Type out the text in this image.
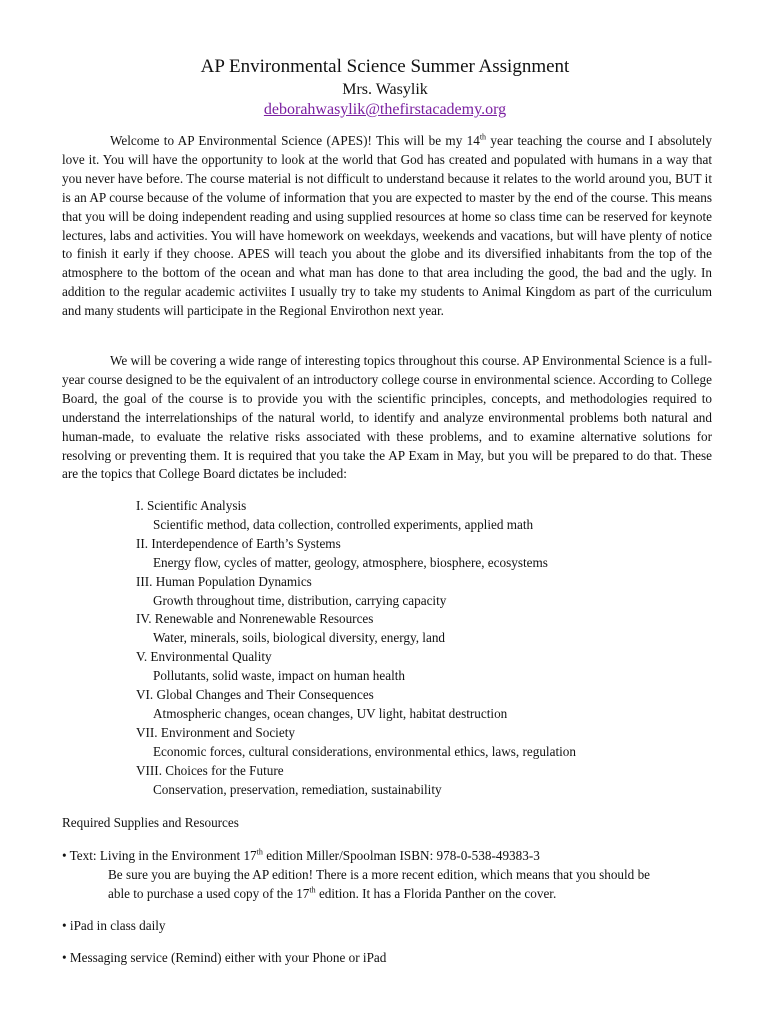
AP Environmental Science Summer Assignment
Mrs. Wasylik
deborahwasylik@thefirstacademy.org

Welcome to AP Environmental Science (APES)! This will be my 14th year teaching the course and I absolutely love it. You will have the opportunity to look at the world that God has created and populated with humans in a way that you never have before. The course material is not difficult to understand because it relates to the world around you, BUT it is an AP course because of the volume of information that you are expected to master by the end of the course. This means that you will be doing independent reading and using supplied resources at home so class time can be reserved for keynote lectures, labs and activities. You will have homework on weekdays, weekends and vacations, but will have plenty of notice to finish it early if they choose. APES will teach you about the globe and its diversified inhabitants from the top of the atmosphere to the bottom of the ocean and what man has done to that area including the good, the bad and the ugly. In addition to the regular academic activiites I usually try to take my students to Animal Kingdom as part of the curriculum and many students will participate in the Regional Envirothon next year.

We will be covering a wide range of interesting topics throughout this course. AP Environmental Science is a full-year course designed to be the equivalent of an introductory college course in environmental science. According to College Board, the goal of the course is to provide you with the scientific principles, concepts, and methodologies required to understand the interrelationships of the natural world, to identify and analyze environmental problems both natural and human-made, to evaluate the relative risks associated with these problems, and to examine alternative solutions for resolving or preventing them. It is required that you take the AP Exam in May, but you will be prepared to do that. These are the topics that College Board dictates be included:

I. Scientific Analysis

Scientific method, data collection, controlled experiments, applied math

II. Interdependence of Earth’s Systems

Energy flow, cycles of matter, geology, atmosphere, biosphere, ecosystems

III. Human Population Dynamics

Growth throughout time, distribution, carrying capacity

IV. Renewable and Nonrenewable Resources

Water, minerals, soils, biological diversity, energy, land

V. Environmental Quality

Pollutants, solid waste, impact on human health

VI. Global Changes and Their Consequences

Atmospheric changes, ocean changes, UV light, habitat destruction

VII. Environment and Society

Economic forces, cultural considerations, environmental ethics, laws, regulation

VIII. Choices for the Future

Conservation, preservation, remediation, sustainability

Required Supplies and Resources

• Text: Living in the Environment 17th edition Miller/Spoolman ISBN: 978-0-538-49383-3

Be sure you are buying the AP edition! There is a more recent edition, which means that you should be

able to purchase a used copy of the 17th edition. It has a Florida Panther on the cover.

• iPad in class daily
• Messaging service (Remind) either with your Phone or iPad
